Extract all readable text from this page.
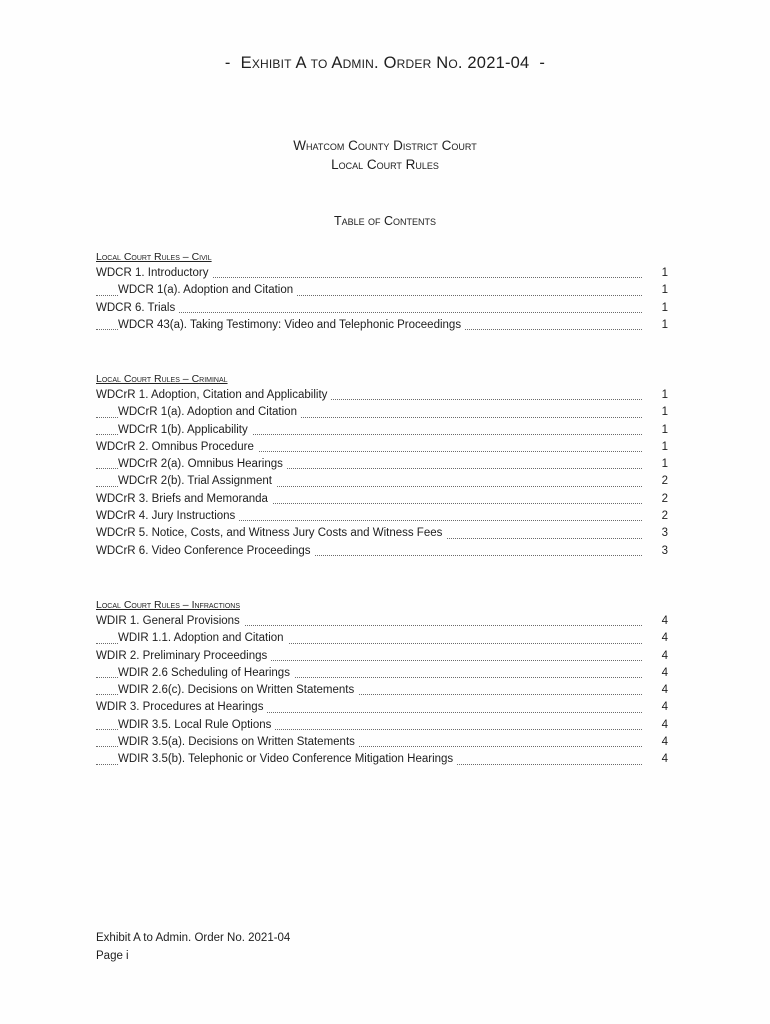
- Exhibit A to Admin. Order No. 2021-04 -
Whatcom County District Court
Local Court Rules
Table of Contents
Local Court Rules – Civil
WDCR 1. Introductory	1
WDCR 1(a). Adoption and Citation	1
WDCR 6. Trials	1
WDCR 43(a). Taking Testimony: Video and Telephonic Proceedings	1
Local Court Rules – Criminal
WDCrR 1. Adoption, Citation and Applicability	1
WDCrR 1(a). Adoption and Citation	1
WDCrR 1(b). Applicability	1
WDCrR 2. Omnibus Procedure	1
WDCrR 2(a). Omnibus Hearings	1
WDCrR 2(b). Trial Assignment	2
WDCrR 3. Briefs and Memoranda	2
WDCrR 4. Jury Instructions	2
WDCrR 5. Notice, Costs, and Witness Jury Costs and Witness Fees	3
WDCrR 6. Video Conference Proceedings	3
Local Court Rules – Infractions
WDIR 1. General Provisions	4
WDIR 1.1. Adoption and Citation	4
WDIR 2. Preliminary Proceedings	4
WDIR 2.6 Scheduling of Hearings	4
WDIR 2.6(c). Decisions on Written Statements	4
WDIR 3. Procedures at Hearings	4
WDIR 3.5. Local Rule Options	4
WDIR 3.5(a). Decisions on Written Statements	4
WDIR 3.5(b). Telephonic or Video Conference Mitigation Hearings	4
Exhibit A to Admin. Order No. 2021-04
Page i
